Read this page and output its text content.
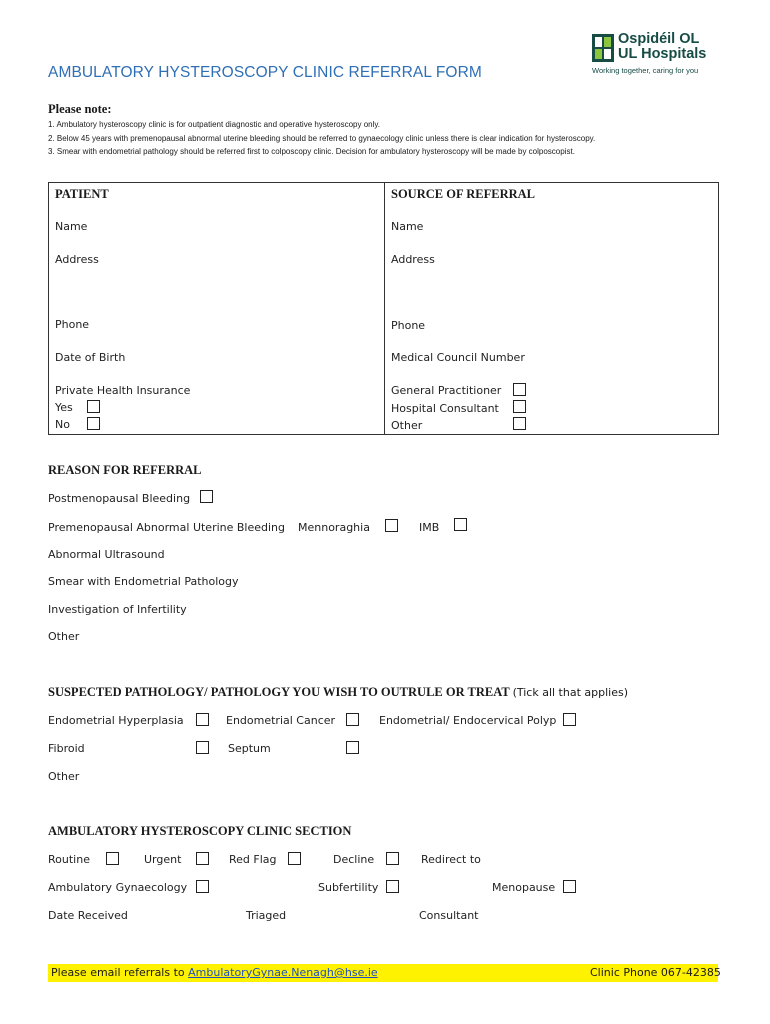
AMBULATORY HYSTEROSCOPY CLINIC REFERRAL FORM
Ospidéil OL
UL Hospitals
Working together, caring for you
Please note:
1. Ambulatory hysteroscopy clinic is for outpatient diagnostic and operative hysteroscopy only.
2. Below 45 years with premenopausal abnormal uterine bleeding should be referred to gynaecology clinic unless there is clear indication for hysteroscopy.
3. Smear with endometrial pathology should be referred first to colposcopy clinic. Decision for ambulatory hysteroscopy will be made by colposcopist.
PATIENT
Name
Address
Phone
Date of Birth
Private Health Insurance
Yes
No
SOURCE OF REFERRAL
Name
Address
Phone
Medical Council Number
General Practitioner
Hospital Consultant
Other
REASON FOR REFERRAL
Postmenopausal Bleeding
Premenopausal Abnormal Uterine Bleeding Mennoraghia	IMB
Abnormal Ultrasound
Smear with Endometrial Pathology
Investigation of Infertility
Other
SUSPECTED PATHOLOGY/ PATHOLOGY YOU WISH TO OUTRULE OR TREAT (Tick all that applies)
Endometrial Hyperplasia	Endometrial Cancer	Endometrial/ Endocervical Polyp
Fibroid	Septum
Other
AMBULATORY HYSTEROSCOPY CLINIC SECTION
Routine	Urgent	Red Flag	Decline	Redirect to
Ambulatory Gynaecology	Subfertility	Menopause
Date Received	Triaged	Consultant
Please email referrals to AmbulatoryGynae.Nenagh@hse.ie	Clinic Phone 067-42385
